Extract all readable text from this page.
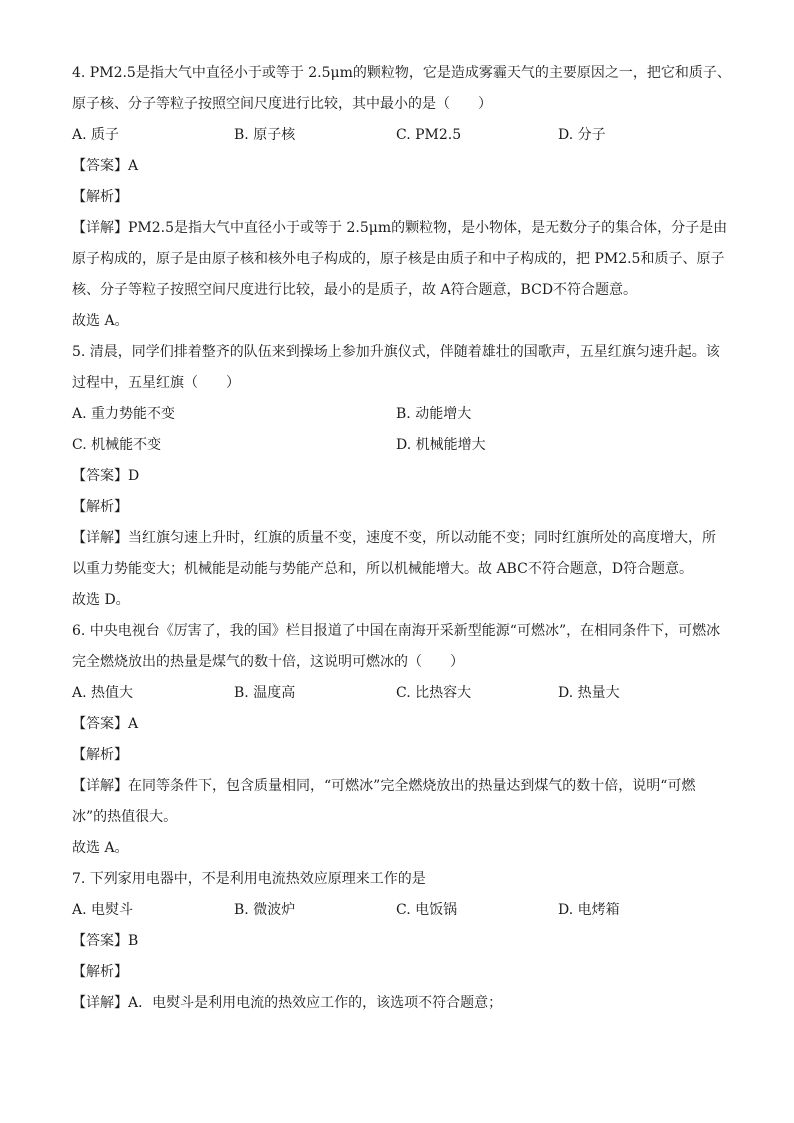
4. PM2.5是指大气中直径小于或等于 2.5μm的颗粒物，它是造成雾霾天气的主要原因之一，把它和质子、
原子核、分子等粒子按照空间尺度进行比较，其中最小的是（　　）
A. 质子	B. 原子核	C. PM2.5	D. 分子
【答案】A
【解析】
【详解】PM2.5是指大气中直径小于或等于 2.5μm的颗粒物，是小物体，是无数分子的集合体，分子是由
原子构成的，原子是由原子核和核外电子构成的，原子核是由质子和中子构成的，把 PM2.5和质子、原子
核、分子等粒子按照空间尺度进行比较，最小的是质子，故 A符合题意，BCD不符合题意。
故选 A。
5. 清晨，同学们排着整齐的队伍来到操场上参加升旗仪式，伴随着雄壮的国歌声，五星红旗匀速升起。该
过程中，五星红旗（　　）
A. 重力势能不变	B. 动能增大
C. 机械能不变	D. 机械能增大
【答案】D
【解析】
【详解】当红旗匀速上升时，红旗的质量不变，速度不变，所以动能不变；同时红旗所处的高度增大，所
以重力势能变大；机械能是动能与势能产总和，所以机械能增大。故 ABC不符合题意，D符合题意。
故选 D。
6. 中央电视台《厉害了，我的国》栏目报道了中国在南海开采新型能源“可燃冰”，在相同条件下，可燃冰
完全燃烧放出的热量是煤气的数十倍，这说明可燃冰的（　　）
A. 热值大	B. 温度高	C. 比热容大	D. 热量大
【答案】A
【解析】
【详解】在同等条件下，包含质量相同，“可燃冰”完全燃烧放出的热量达到煤气的数十倍，说明“可燃
冰”的热值很大。
故选 A。
7. 下列家用电器中，不是利用电流热效应原理来工作的是
A. 电熨斗	B. 微波炉	C. 电饭锅	D. 电烤箱
【答案】B
【解析】
【详解】A．电熨斗是利用电流的热效应工作的，该选项不符合题意；
